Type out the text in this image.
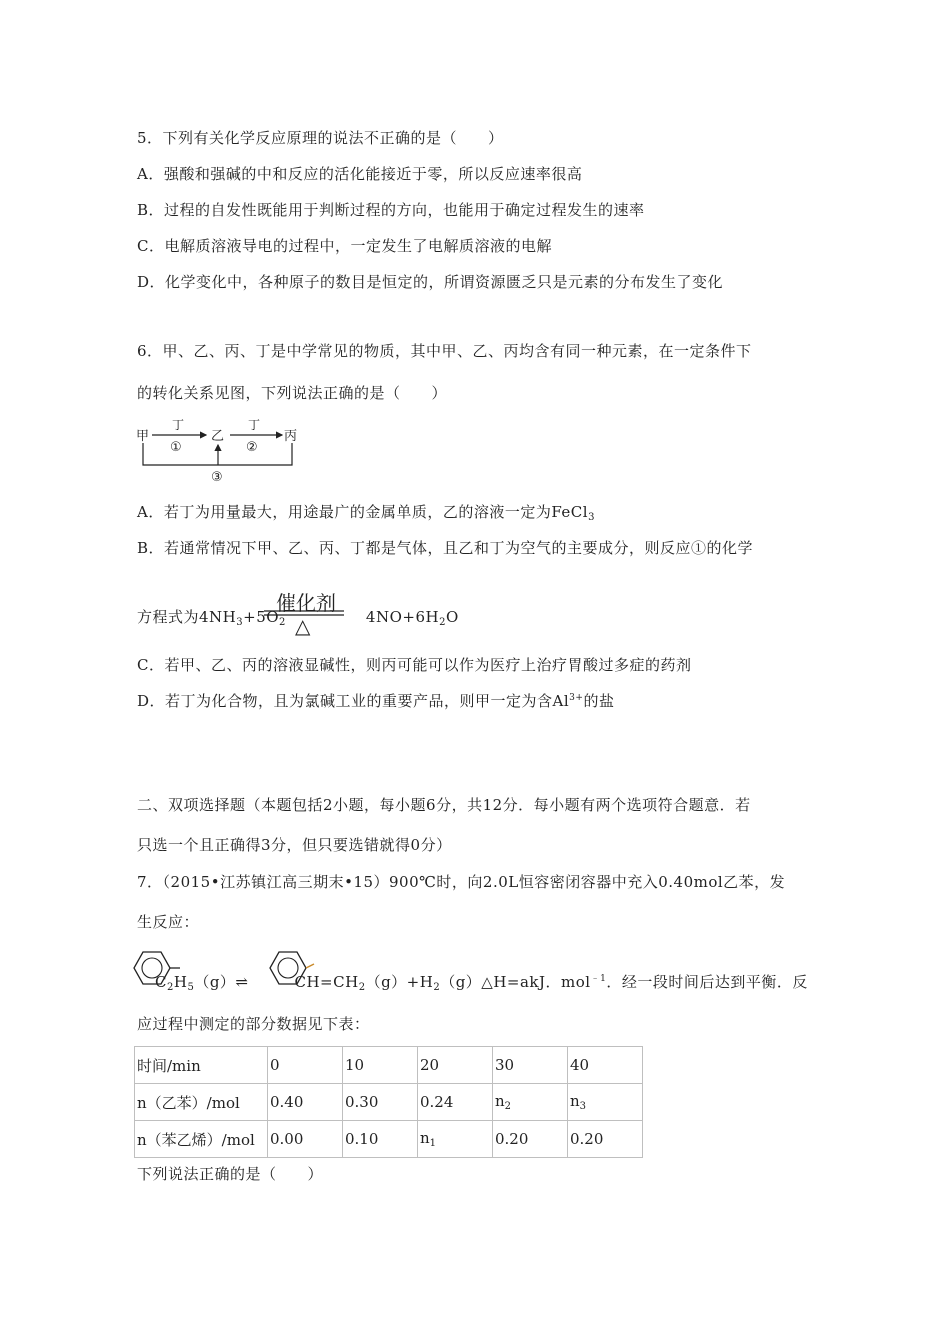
5．下列有关化学反应原理的说法不正确的是（　　）
A．强酸和强碱的中和反应的活化能接近于零，所以反应速率很高
B．过程的自发性既能用于判断过程的方向，也能用于确定过程发生的速率
C．电解质溶液导电的过程中，一定发生了电解质溶液的电解
D．化学变化中，各种原子的数目是恒定的，所谓资源匮乏只是元素的分布发生了变化
6．甲、乙、丙、丁是中学常见的物质，其中甲、乙、丙均含有同一种元素，在一定条件下
的转化关系见图，下列说法正确的是（　　）
甲
丁
①
乙
丁
②
丙
③
A．若丁为用量最大，用途最广的金属单质，乙的溶液一定为FeCl$_3$
B．若通常情况下甲、乙、丙、丁都是气体，且乙和丁为空气的主要成分，则反应①的化学
催化剂
△
方程式为$4NH_3+5O_2$	$4NO+6H_2O$
C．若甲、乙、丙的溶液显碱性，则丙可能可以作为医疗上治疗胃酸过多症的药剂
D．若丁为化合物，且为氯碱工业的重要产品，则甲一定为含$Al^{3+}$的盐
二、双项选择题（本题包括2小题，每小题6分，共12分．每小题有两个选项符合题意．若
只选一个且正确得3分，但只要选错就得0分）
7．（2015•江苏镇江高三期末•15）900℃时，向2.0L恒容密闭容器中充入0.40mol乙苯，发
生反应：
$C_2H_5(g)\rightleftharpoons$	$CH=CH_2(g)+H_2(g)\triangle H=akJ$．mol$^{﹣1}$．经一段时间后达到平衡．反
应过程中测定的部分数据见下表：
时间/min	0	10	20	30	40
n（乙苯）/mol	0.40	0.30	0.24	$n_2$	$n_3$
n（苯乙烯）/mol	0.00	0.10	$n_1$	0.20	0.20
下列说法正确的是（　　）
